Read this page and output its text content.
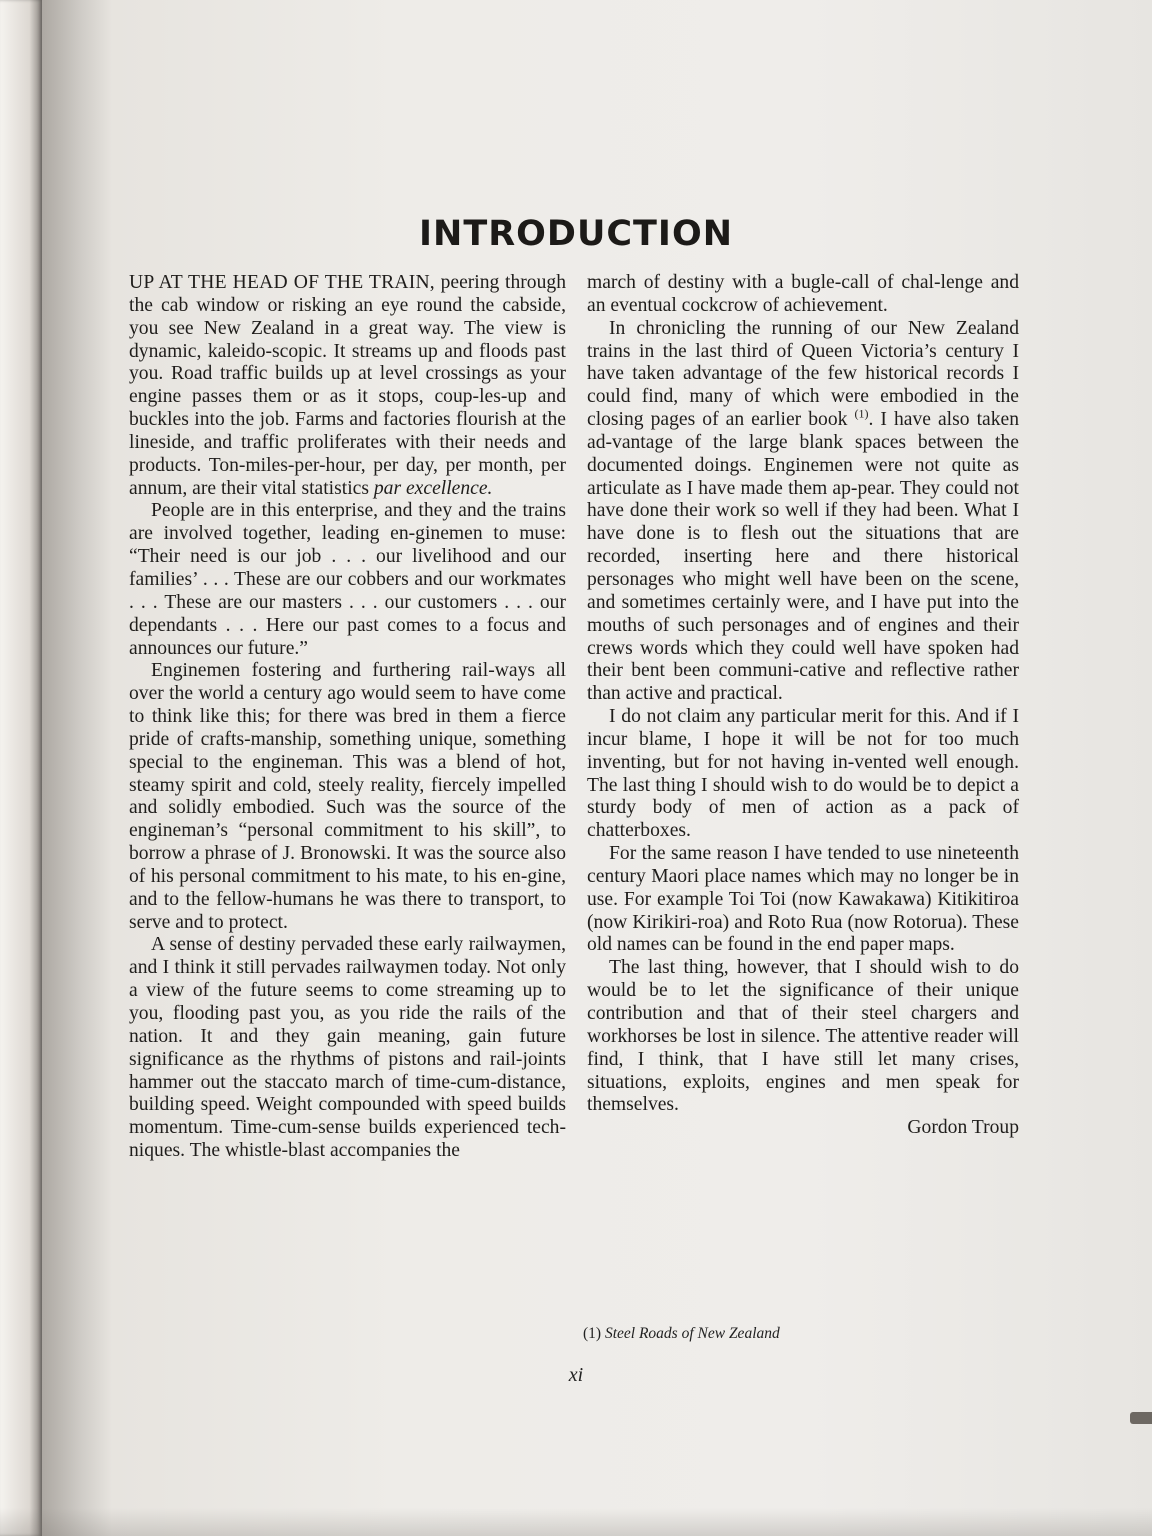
INTRODUCTION

UP AT THE HEAD OF THE TRAIN, peering through the cab window or risking an eye round the cabside, you see New Zealand in a great way. The view is dynamic, kaleido-scopic. It streams up and floods past you. Road traffic builds up at level crossings as your engine passes them or as it stops, coup-les-up and buckles into the job. Farms and factories flourish at the lineside, and traffic proliferates with their needs and products. Ton-miles-per-hour, per day, per month, per annum, are their vital statistics par excellence.

People are in this enterprise, and they and the trains are involved together, leading en-ginemen to muse: “Their need is our job . . . our livelihood and our families’ . . . These are our cobbers and our workmates . . . These are our masters . . . our customers . . . our dependants . . . Here our past comes to a focus and announces our future.”

Enginemen fostering and furthering rail-ways all over the world a century ago would seem to have come to think like this; for there was bred in them a fierce pride of crafts-manship, something unique, something special to the engineman. This was a blend of hot, steamy spirit and cold, steely reality, fiercely impelled and solidly embodied. Such was the source of the engineman’s “personal commitment to his skill”, to borrow a phrase of J. Bronowski. It was the source also of his personal commitment to his mate, to his en-gine, and to the fellow-humans he was there to transport, to serve and to protect.

A sense of destiny pervaded these early railwaymen, and I think it still pervades railwaymen today. Not only a view of the future seems to come streaming up to you, flooding past you, as you ride the rails of the nation. It and they gain meaning, gain future significance as the rhythms of pistons and rail-joints hammer out the staccato march of time-cum-distance, building speed. Weight compounded with speed builds momentum. Time-cum-sense builds experienced tech-niques. The whistle-blast accompanies the

march of destiny with a bugle-call of chal-lenge and an eventual cockcrow of achievement.

In chronicling the running of our New Zealand trains in the last third of Queen Victoria’s century I have taken advantage of the few historical records I could find, many of which were embodied in the closing pages of an earlier book $^{(1)}$. I have also taken ad-vantage of the large blank spaces between the documented doings. Enginemen were not quite as articulate as I have made them ap-pear. They could not have done their work so well if they had been. What I have done is to flesh out the situations that are recorded, inserting here and there historical personages who might well have been on the scene, and sometimes certainly were, and I have put into the mouths of such personages and of engines and their crews words which they could well have spoken had their bent been communi-cative and reflective rather than active and practical.

I do not claim any particular merit for this. And if I incur blame, I hope it will be not for too much inventing, but for not having in-vented well enough. The last thing I should wish to do would be to depict a sturdy body of men of action as a pack of chatterboxes.

For the same reason I have tended to use nineteenth century Maori place names which may no longer be in use. For example Toi Toi (now Kawakawa) Kitikitiroa (now Kirikiri-roa) and Roto Rua (now Rotorua). These old names can be found in the end paper maps.

The last thing, however, that I should wish to do would be to let the significance of their unique contribution and that of their steel chargers and workhorses be lost in silence. The attentive reader will find, I think, that I have still let many crises, situations, exploits, engines and men speak for themselves.

Gordon Troup

(1) Steel Roads of New Zealand
xi
